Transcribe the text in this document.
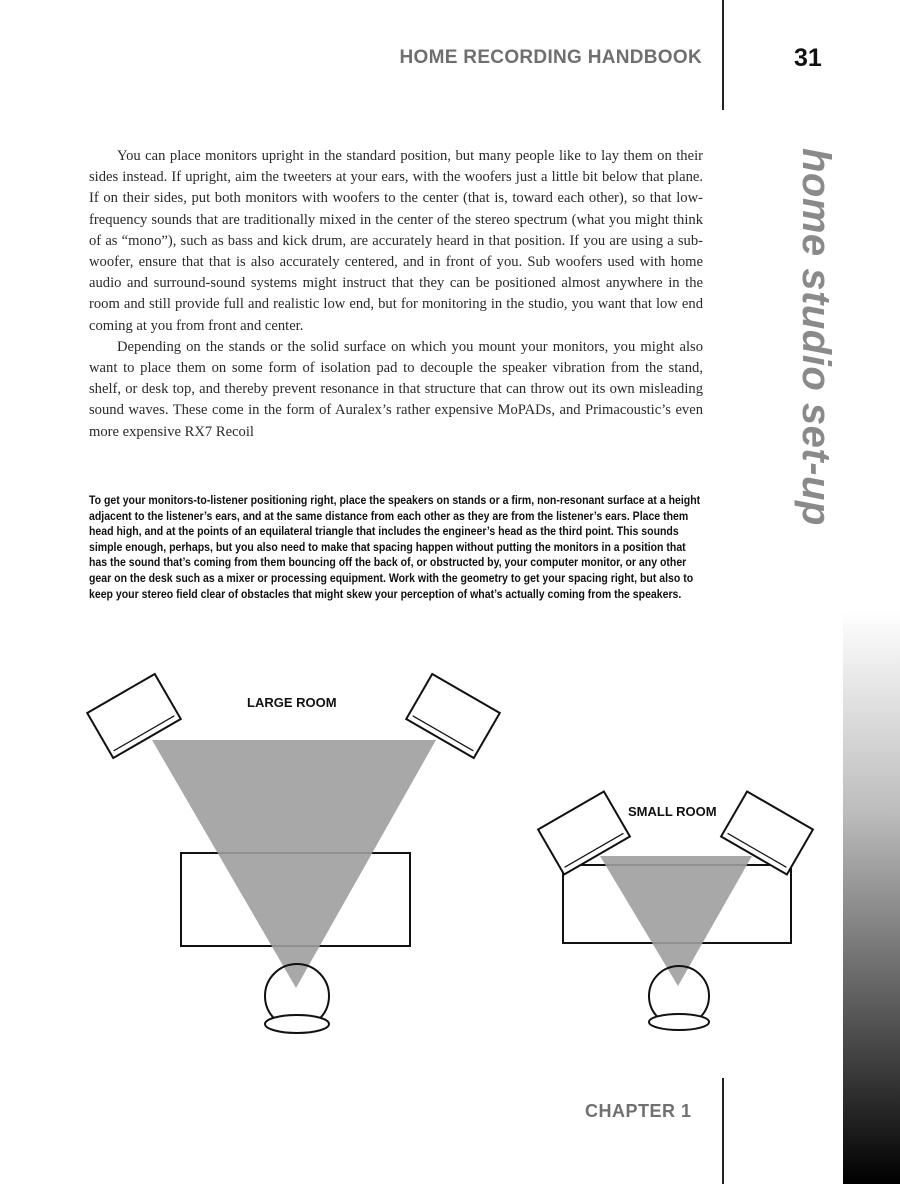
HOME RECORDING HANDBOOK	31
home studio set-up

You can place monitors upright in the standard position, but many people like to lay them on their sides instead. If upright, aim the tweeters at your ears, with the woofers just a little bit below that plane. If on their sides, put both monitors with woofers to the center (that is, toward each other), so that low-frequency sounds that are traditionally mixed in the center of the stereo spectrum (what you might think of as “mono”), such as bass and kick drum, are accurately heard in that position. If you are using a sub-woofer, ensure that that is also accurately centered, and in front of you. Sub woofers used with home audio and surround-sound systems might instruct that they can be positioned almost anywhere in the room and still provide full and realistic low end, but for monitoring in the studio, you want that low end coming at you from front and center.

Depending on the stands or the solid surface on which you mount your monitors, you might also want to place them on some form of isolation pad to decouple the speaker vibration from the stand, shelf, or desk top, and thereby prevent resonance in that structure that can throw out its own misleading sound waves. These come in the form of Auralex’s rather expensive MoPADs, and Primacoustic’s even more expensive RX7 Recoil

To get your monitors-to-listener positioning right, place the speakers on stands or a firm, non-resonant surface at a height adjacent to the listener’s ears, and at the same distance from each other as they are from the listener’s ears. Place them head high, and at the points of an equilateral triangle that includes the engineer’s head as the third point. This sounds simple enough, perhaps, but you also need to make that spacing happen without putting the monitors in a position that has the sound that’s coming from them bouncing off the back of, or obstructed by, your computer monitor, or any other gear on the desk such as a mixer or processing equipment. Work with the geometry to get your spacing right, but also to keep your stereo field clear of obstacles that might skew your perception of what’s actually coming from the speakers.
LARGE ROOM
SMALL ROOM
CHAPTER 1
